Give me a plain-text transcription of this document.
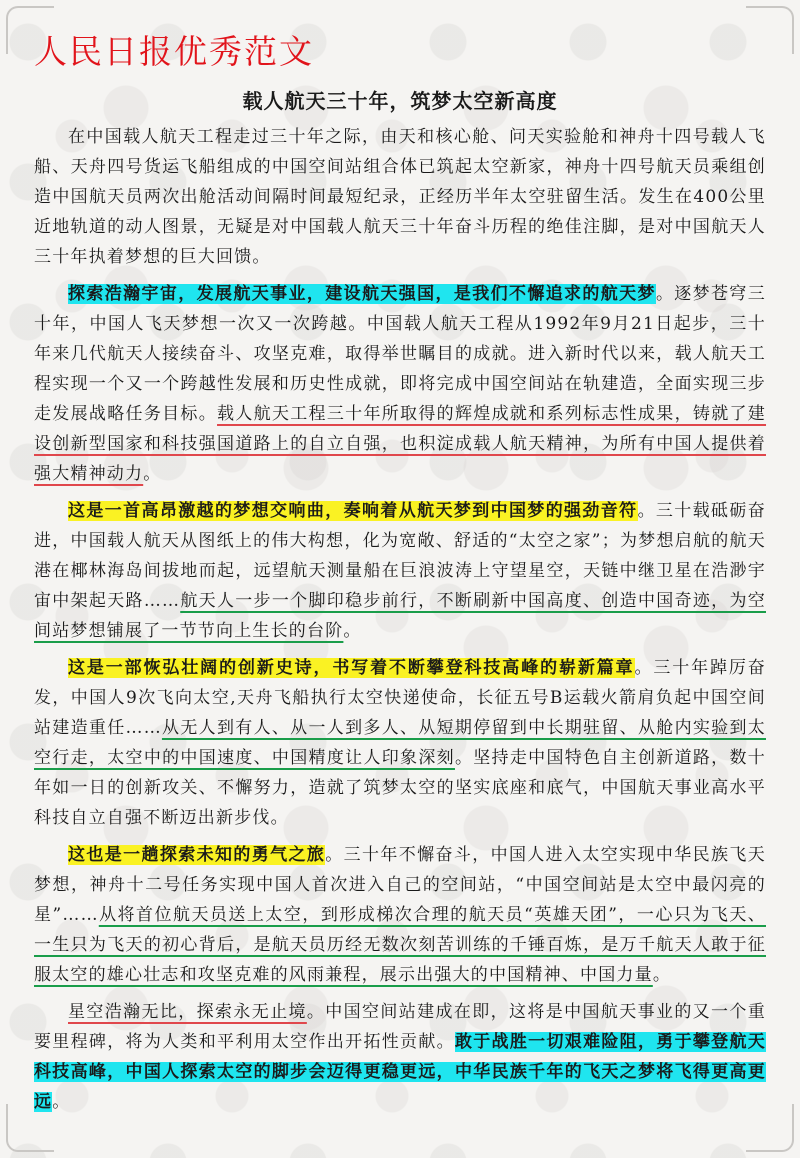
人民日报优秀范文
载人航天三十年，筑梦太空新高度

在中国载人航天工程走过三十年之际，由天和核心舱、问天实验舱和神舟十四号载人飞船、天舟四号货运飞船组成的中国空间站组合体已筑起太空新家，神舟十四号航天员乘组创造中国航天员两次出舱活动间隔时间最短纪录，正经历半年太空驻留生活。发生在400公里近地轨道的动人图景，无疑是对中国载人航天三十年奋斗历程的绝佳注脚，是对中国航天人三十年执着梦想的巨大回馈。

探索浩瀚宇宙，发展航天事业，建设航天强国，是我们不懈追求的航天梦。逐梦苍穹三十年，中国人飞天梦想一次又一次跨越。中国载人航天工程从1992年9月21日起步，三十年来几代航天人接续奋斗、攻坚克难，取得举世瞩目的成就。进入新时代以来，载人航天工程实现一个又一个跨越性发展和历史性成就，即将完成中国空间站在轨建造，全面实现三步走发展战略任务目标。载人航天工程三十年所取得的辉煌成就和系列标志性成果，铸就了建设创新型国家和科技强国道路上的自立自强，也积淀成载人航天精神，为所有中国人提供着强大精神动力。

这是一首高昂激越的梦想交响曲，奏响着从航天梦到中国梦的强劲音符。三十载砥砺奋进，中国载人航天从图纸上的伟大构想，化为宽敞、舒适的“太空之家”；为梦想启航的航天港在椰林海岛间拔地而起，远望航天测量船在巨浪波涛上守望星空，天链中继卫星在浩渺宇宙中架起天路……航天人一步一个脚印稳步前行，不断刷新中国高度、创造中国奇迹，为空间站梦想铺展了一节节向上生长的台阶。

这是一部恢弘壮阔的创新史诗，书写着不断攀登科技高峰的崭新篇章。三十年踔厉奋发，中国人9次飞向太空,天舟飞船执行太空快递使命，长征五号B运载火箭肩负起中国空间站建造重任……从无人到有人、从一人到多人、从短期停留到中长期驻留、从舱内实验到太空行走，太空中的中国速度、中国精度让人印象深刻。坚持走中国特色自主创新道路，数十年如一日的创新攻关、不懈努力，造就了筑梦太空的坚实底座和底气，中国航天事业高水平科技自立自强不断迈出新步伐。

这也是一趟探索未知的勇气之旅。三十年不懈奋斗，中国人进入太空实现中华民族飞天梦想，神舟十二号任务实现中国人首次进入自己的空间站，“中国空间站是太空中最闪亮的星”……从将首位航天员送上太空，到形成梯次合理的航天员“英雄天团”，一心只为飞天、一生只为飞天的初心背后，是航天员历经无数次刻苦训练的千锤百炼，是万千航天人敢于征服太空的雄心壮志和攻坚克难的风雨兼程，展示出强大的中国精神、中国力量。

星空浩瀚无比，探索永无止境。中国空间站建成在即，这将是中国航天事业的又一个重要里程碑，将为人类和平利用太空作出开拓性贡献。敢于战胜一切艰难险阻，勇于攀登航天科技高峰，中国人探索太空的脚步会迈得更稳更远，中华民族千年的飞天之梦将飞得更高更远。
